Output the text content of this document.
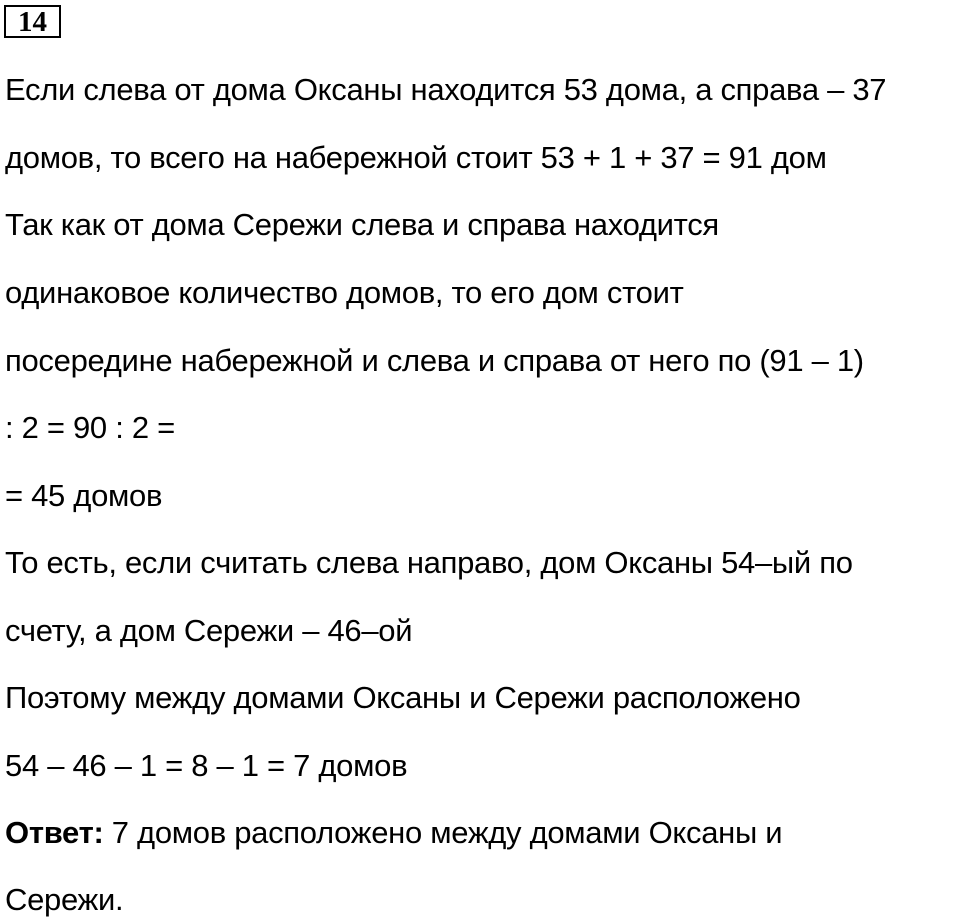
14
Если слева от дома Оксаны находится 53 дома, а справа – 37
домов, то всего на набережной стоит 53 + 1 + 37 = 91 дом
Так как от дома Сережи слева и справа находится
одинаковое количество домов, то его дом стоит
посередине набережной и слева и справа от него по (91 – 1)
: 2 = 90 : 2 =
= 45 домов
То есть, если считать слева направо, дом Оксаны 54–ый по
счету, а дом Сережи – 46–ой
Поэтому между домами Оксаны и Сережи расположено
54 – 46 – 1 = 8 – 1 = 7 домов
Ответ: 7 домов расположено между домами Оксаны и
Сережи.
